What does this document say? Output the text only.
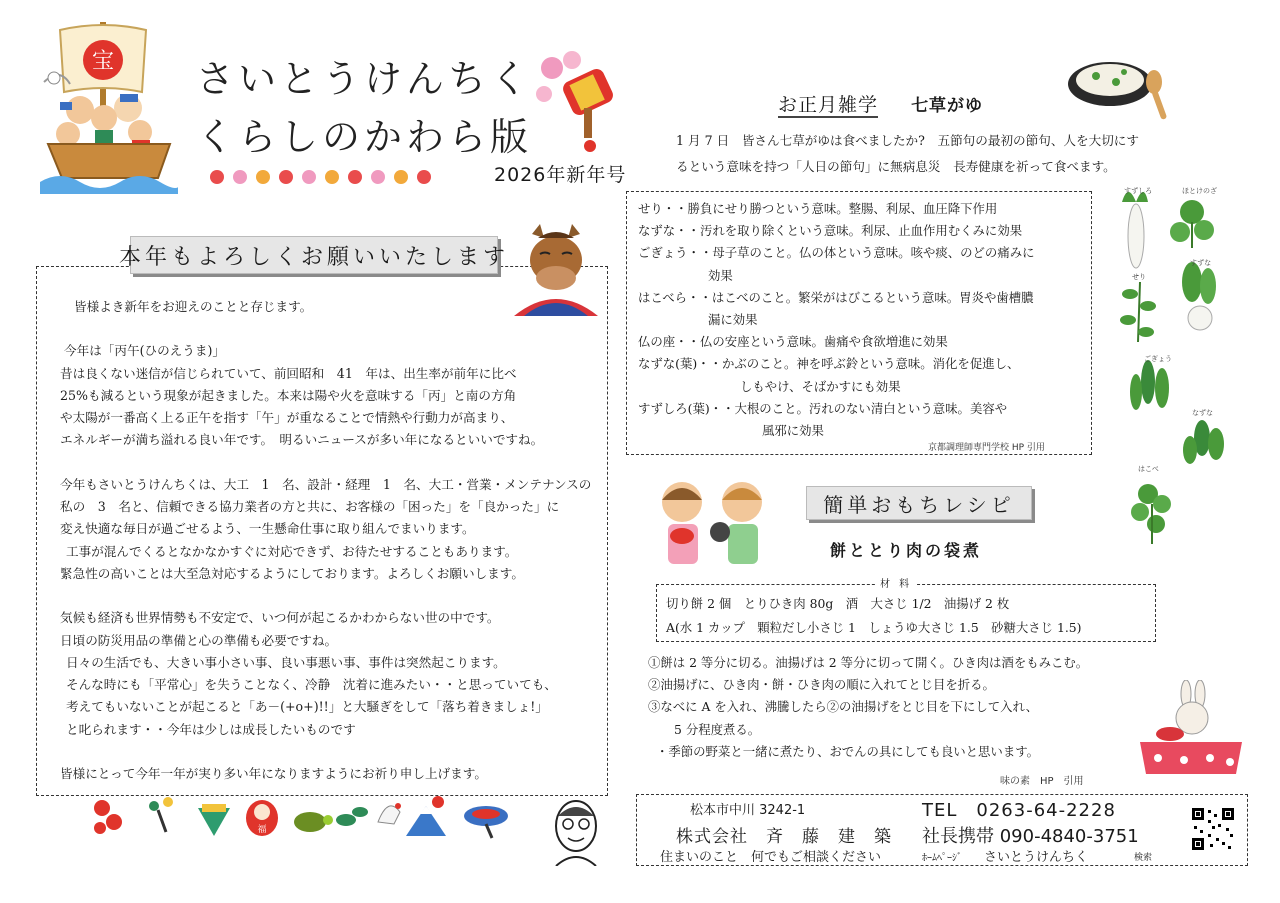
宝 さいとうけんちく
くらしのかわら版
2026年新年号
本年もよろしくお願いいたします
皆様よき新年をお迎えのことと存じます。
今年は「丙午(ひのえうま)」
昔は良くない迷信が信じられていて、前回昭和　41　年は、出生率が前年に比べ
25%も減るという現象が起きました。本来は陽や火を意味する「丙」と南の方角
や太陽が一番高く上る正午を指す「午」が重なることで情熱や行動力が高まり、
エネルギーが満ち溢れる良い年です。　明るいニュースが多い年になるといいですね。
今年もさいとうけんちくは、大工　1　名、設計・経理　1　名、大工・営業・メンテナンスの
私の　3　名と、信頼できる協力業者の方と共に、お客様の「困った」を「良かった」に
変え快適な毎日が過ごせるよう、一生懸命仕事に取り組んでまいります。
工事が混んでくるとなかなかすぐに対応できず、お待たせすることもあります。
緊急性の高いことは大至急対応するようにしております。よろしくお願いします。
気候も経済も世界情勢も不安定で、いつ何が起こるかわからない世の中です。
日頃の防災用品の準備と心の準備も必要ですね。
日々の生活でも、大きい事小さい事、良い事悪い事、事件は突然起こります。
そんな時にも「平常心」を失うことなく、冷静　沈着に進みたい・・と思っていても、
考えてもいないことが起こると「あ－(+o+)!!」と大騒ぎをして「落ち着きましょ!」
と叱られます・・今年は少しは成長したいものです
皆様にとって今年一年が実り多い年になりますようにお祈り申し上げます。
福
お正月雑学 七草がゆ
1 月 7 日　皆さん七草がゆは食べましたか?　五節句の最初の節句、人を大切にす
るという意味を持つ「人日の節句」に無病息災　長寿健康を祈って食べます。
せり・・勝負にせり勝つという意味。整腸、利尿、血圧降下作用
なずな・・汚れを取り除くという意味。利尿、止血作用むくみに効果
ごぎょう・・母子草のこと。仏の体という意味。咳や痰、のどの痛みに
効果
はこべら・・はこべのこと。繁栄がはびこるという意味。胃炎や歯槽膿
漏に効果
仏の座・・仏の安座という意味。歯痛や食欲増進に効果
なずな(葉)・・かぶのこと。神を呼ぶ鈴という意味。消化を促進し、
しもやけ、そばかすにも効果
すずしろ(葉)・・大根のこと。汚れのない清白という意味。美容や
風邪に効果
京都調理師専門学校 HP 引用
すずしろ	ほとけのざ
せり
すずな
ごぎょう
なずな
はこべ
簡単おもちレシピ
餅ととり肉の袋煮
材 料
切り餅 2 個　とりひき肉 80g　酒　大さじ 1/2　油揚げ 2 枚
A(水 1 カップ　顆粒だし小さじ 1　しょうゆ大さじ 1.5　砂糖大さじ 1.5)
①餅は 2 等分に切る。油揚げは 2 等分に切って開く。ひき肉は酒をもみこむ。
②油揚げに、ひき肉・餅・ひき肉の順に入れてとじ目を折る。
③なべに A を入れ、沸騰したら②の油揚げをとじ目を下にして入れ、
5 分程度煮る。
・季節の野菜と一緒に煮たり、おでんの具にしても良いと思います。
味の素　HP　引用
松本市中川 3242-1	TEL　0263-64-2228
株式会社　斉　藤　建　築 社長携帯 090-4840-3751
住まいのこと　何でもご相談ください	ﾎｰﾑﾍﾟｰｼﾞ さいとうけんちく	検索
